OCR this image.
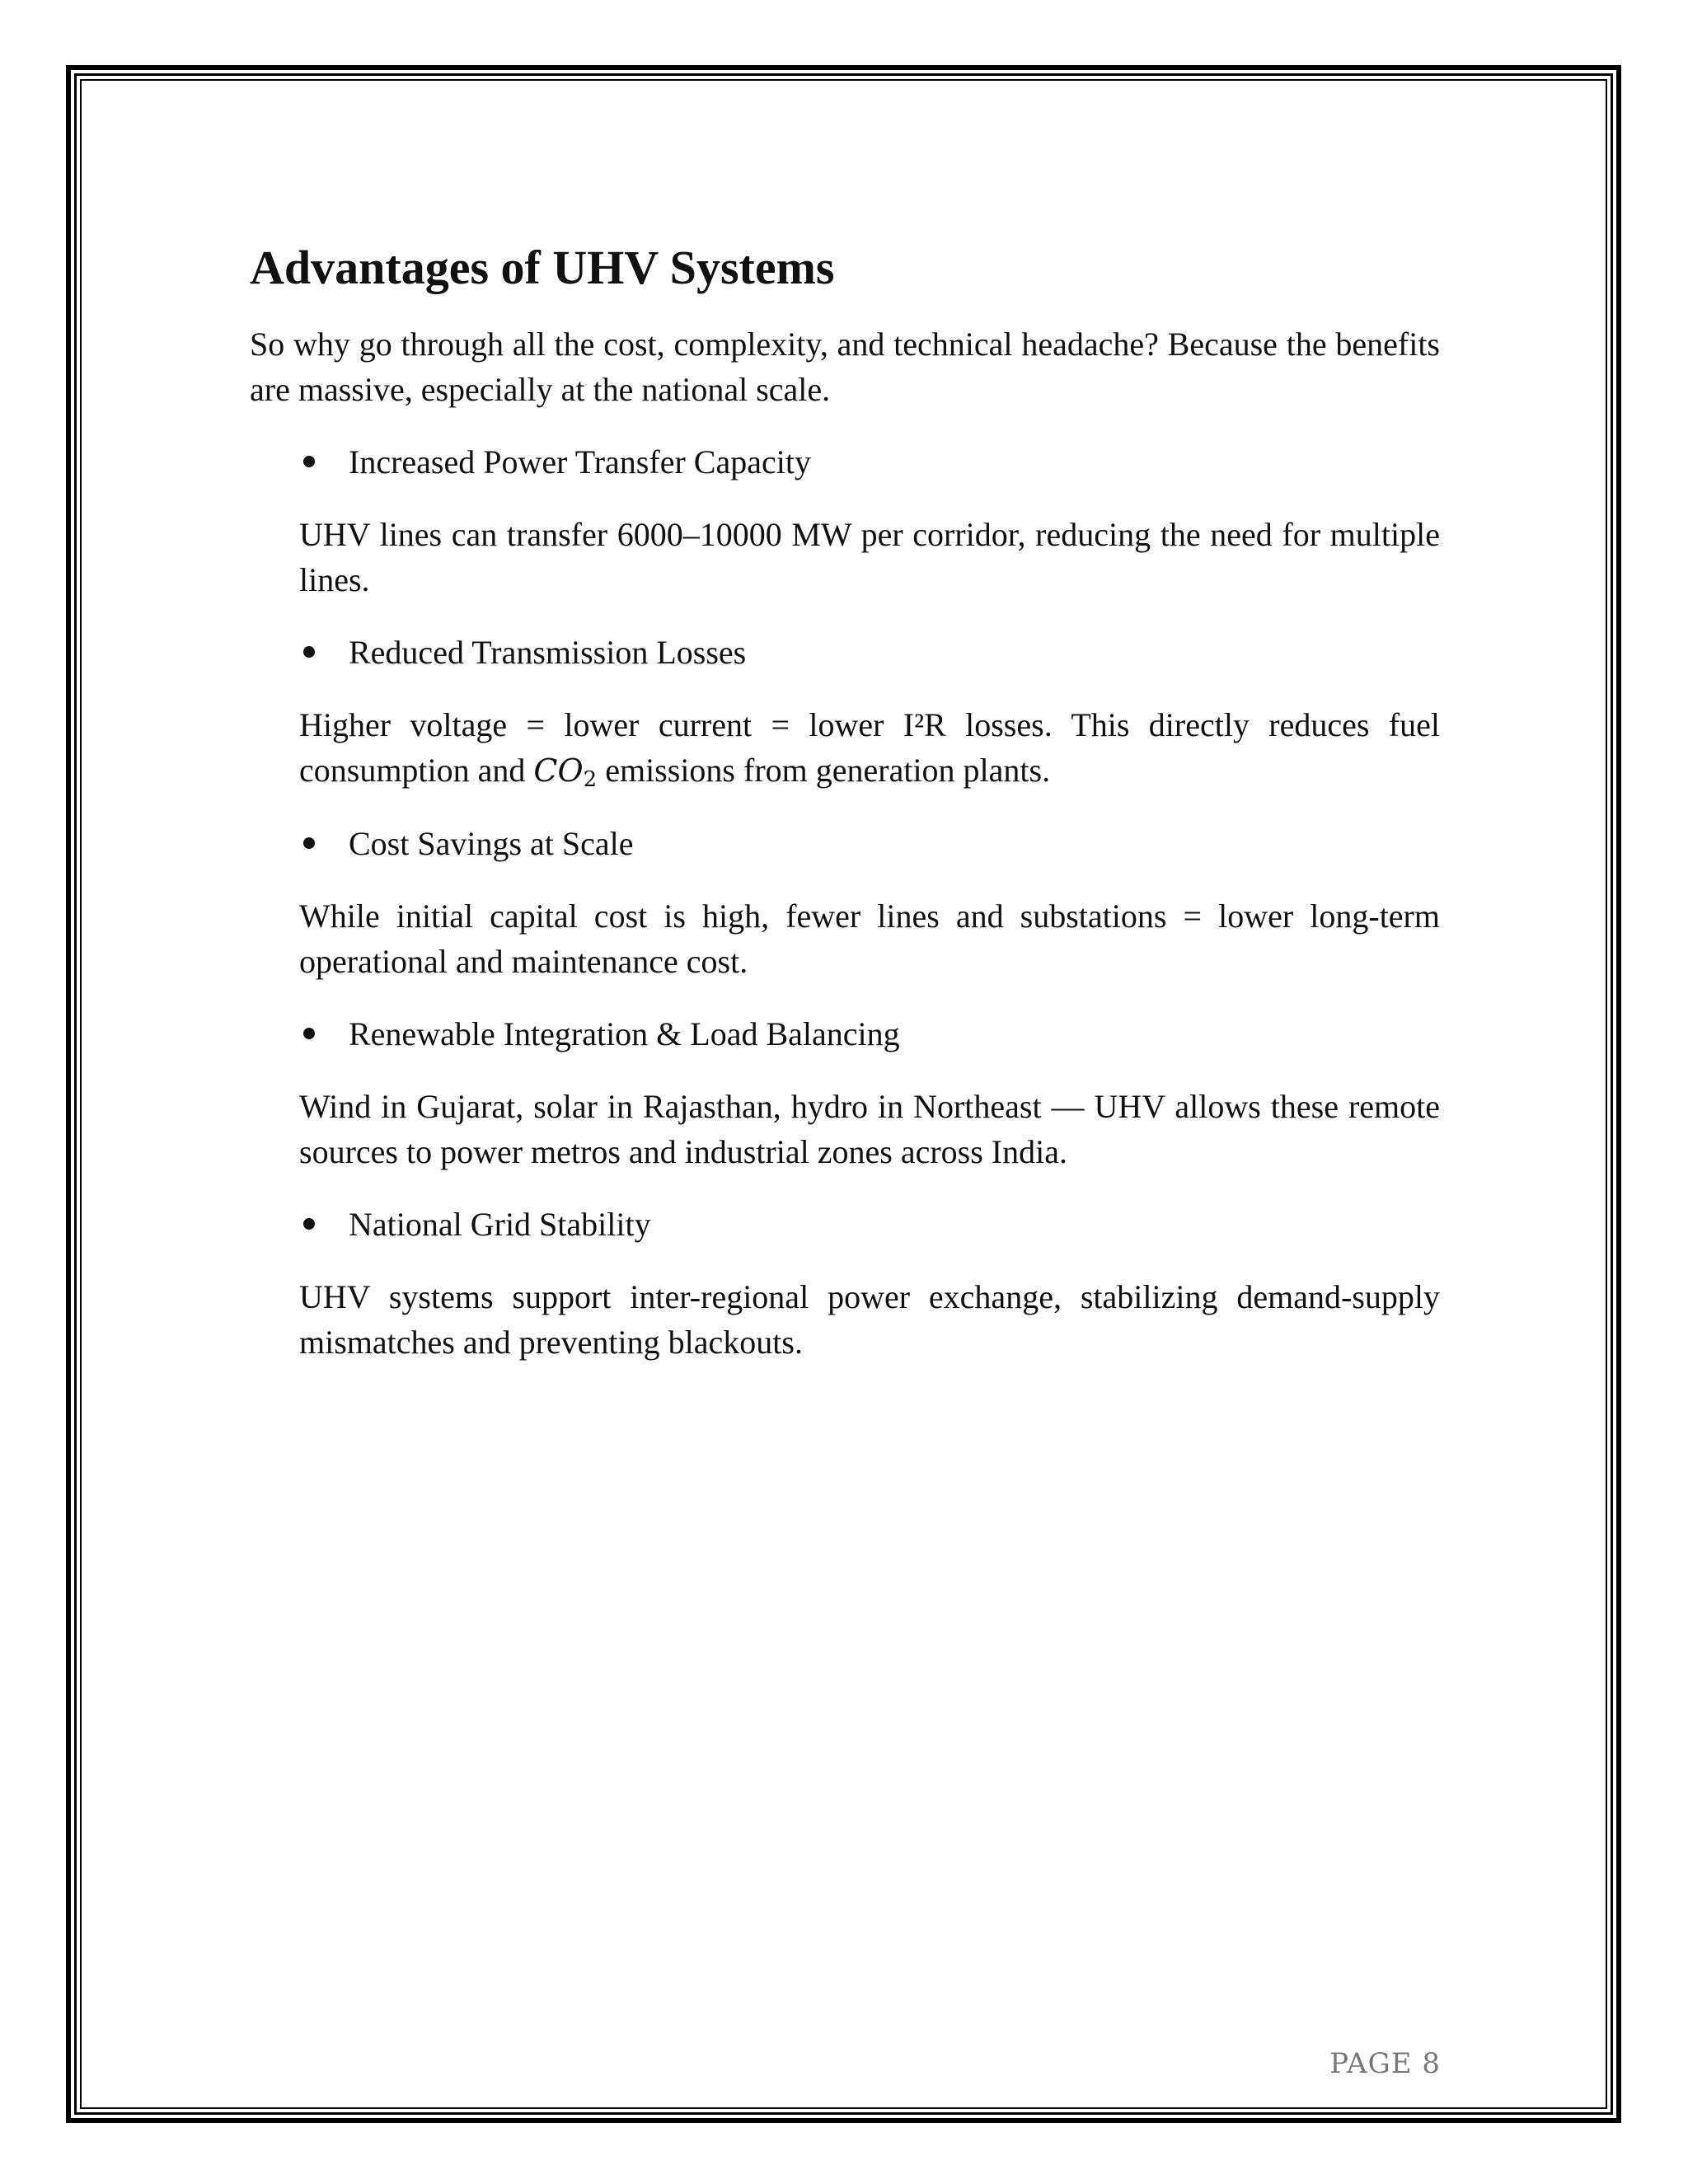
Advantages of UHV Systems

So why go through all the cost, complexity, and technical headache? Because the benefits are massive, especially at the national scale.

Increased Power Transfer Capacity

UHV lines can transfer 6000–10000 MW per corridor, reducing the need for multiple lines.

Reduced Transmission Losses

Higher voltage = lower current = lower I²R losses. This directly reduces fuel consumption and $CO_2$ emissions from generation plants.

Cost Savings at Scale

While initial capital cost is high, fewer lines and substations = lower long-term operational and maintenance cost.

Renewable Integration & Load Balancing

Wind in Gujarat, solar in Rajasthan, hydro in Northeast — UHV allows these remote sources to power metros and industrial zones across India.

National Grid Stability

UHV systems support inter-regional power exchange, stabilizing demand-supply mismatches and preventing blackouts.

PAGE 8
